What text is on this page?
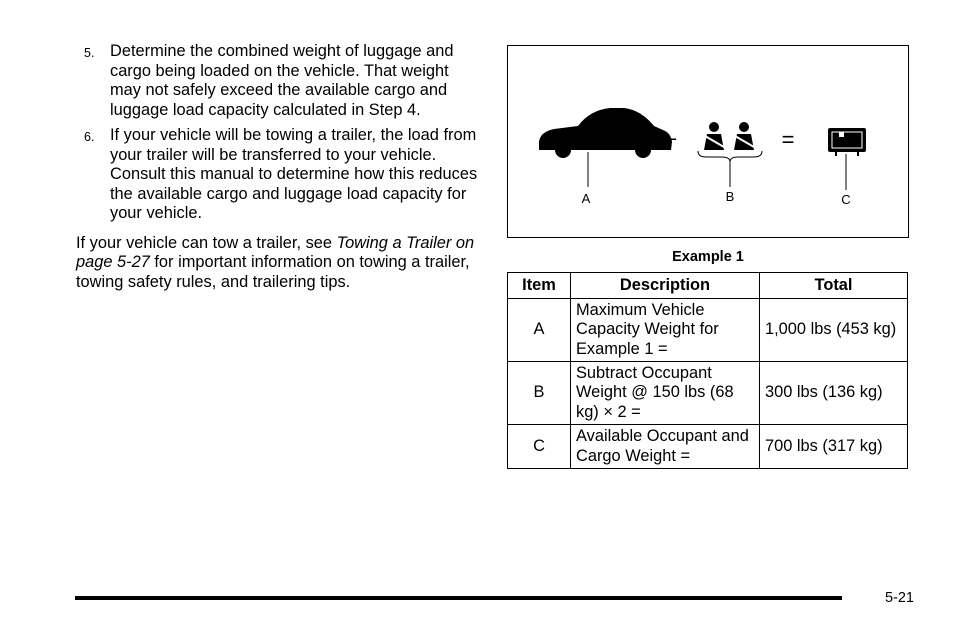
5. Determine the combined weight of luggage and cargo being loaded on the vehicle. That weight may not safely exceed the available cargo and luggage load capacity calculated in Step 4.
6. If your vehicle will be towing a trailer, the load from your trailer will be transferred to your vehicle. Consult this manual to determine how this reduces the available cargo and luggage load capacity for your vehicle.
If your vehicle can tow a trailer, see Towing a Trailer on page 5-27 for important information on towing a trailer, towing safety rules, and trailering tips.
A
–
B
=
C
Example 1
Item	Description	Total
A	Maximum Vehicle Capacity Weight for Example 1 =	1,000 lbs (453 kg)
B	Subtract Occupant Weight @ 150 lbs (68 kg) × 2 =	300 lbs (136 kg)
C	Available Occupant and Cargo Weight =	700 lbs (317 kg)
5-21
